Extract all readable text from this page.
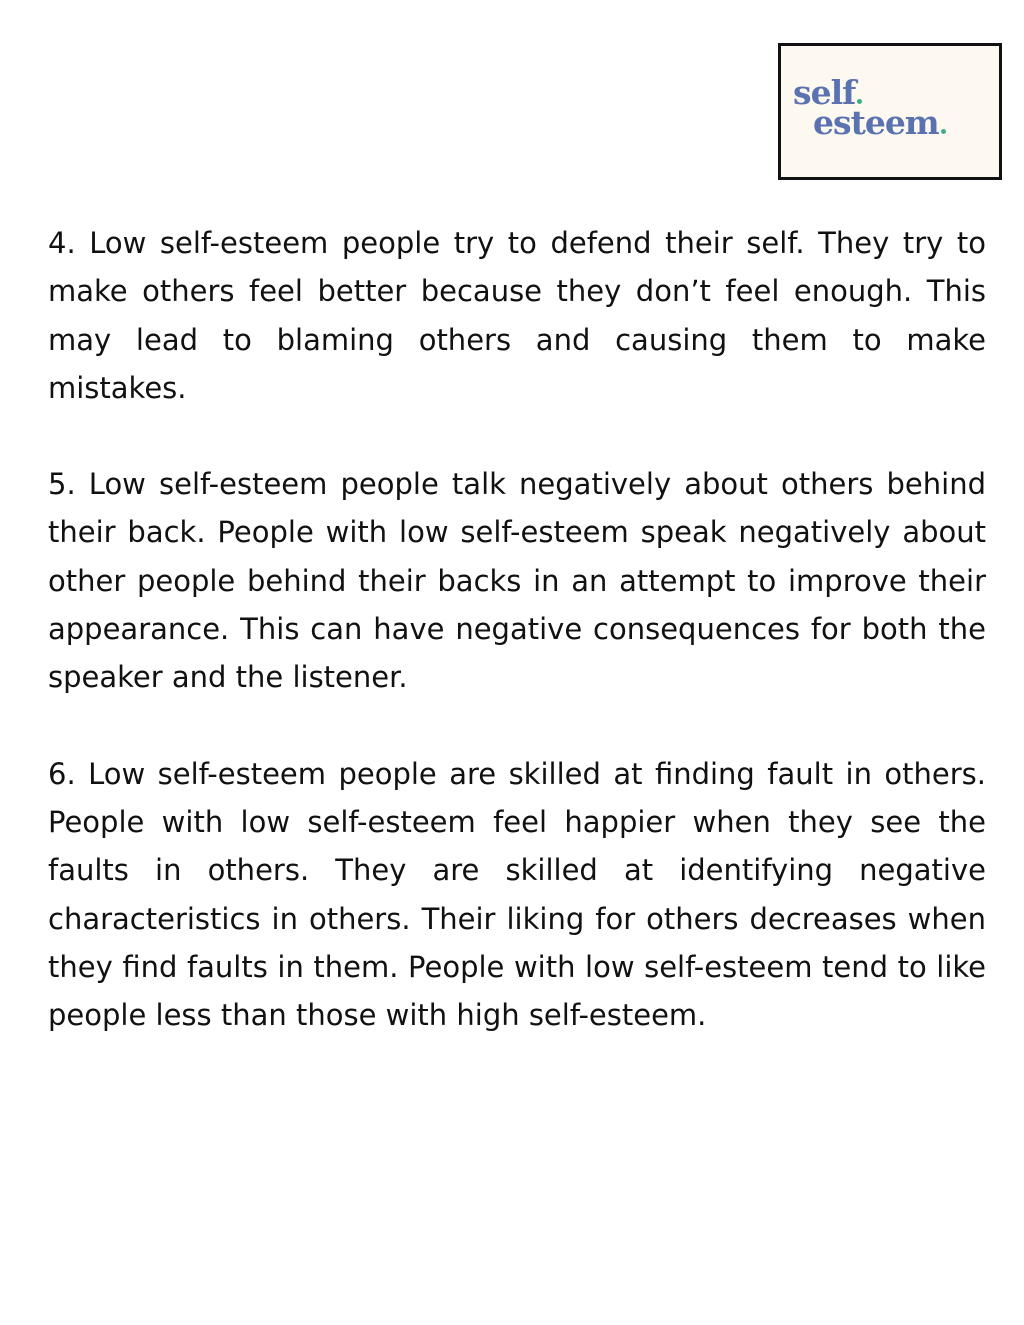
self
esteem

4. Low self-esteem people try to defend their self. They try to make others feel better because they don’t feel enough. This may lead to blaming others and causing them to make mistakes.

5. Low self-esteem people talk negatively about others behind their back. People with low self-esteem speak negatively about other people behind their backs in an attempt to improve their appearance. This can have negative consequences for both the speaker and the listener.

6. Low self-esteem people are skilled at finding fault in others. People with low self-esteem feel happier when they see the faults in others. They are skilled at identifying negative characteristics in others. Their liking for others decreases when they find faults in them. People with low self-esteem tend to like people less than those with high self-esteem.
